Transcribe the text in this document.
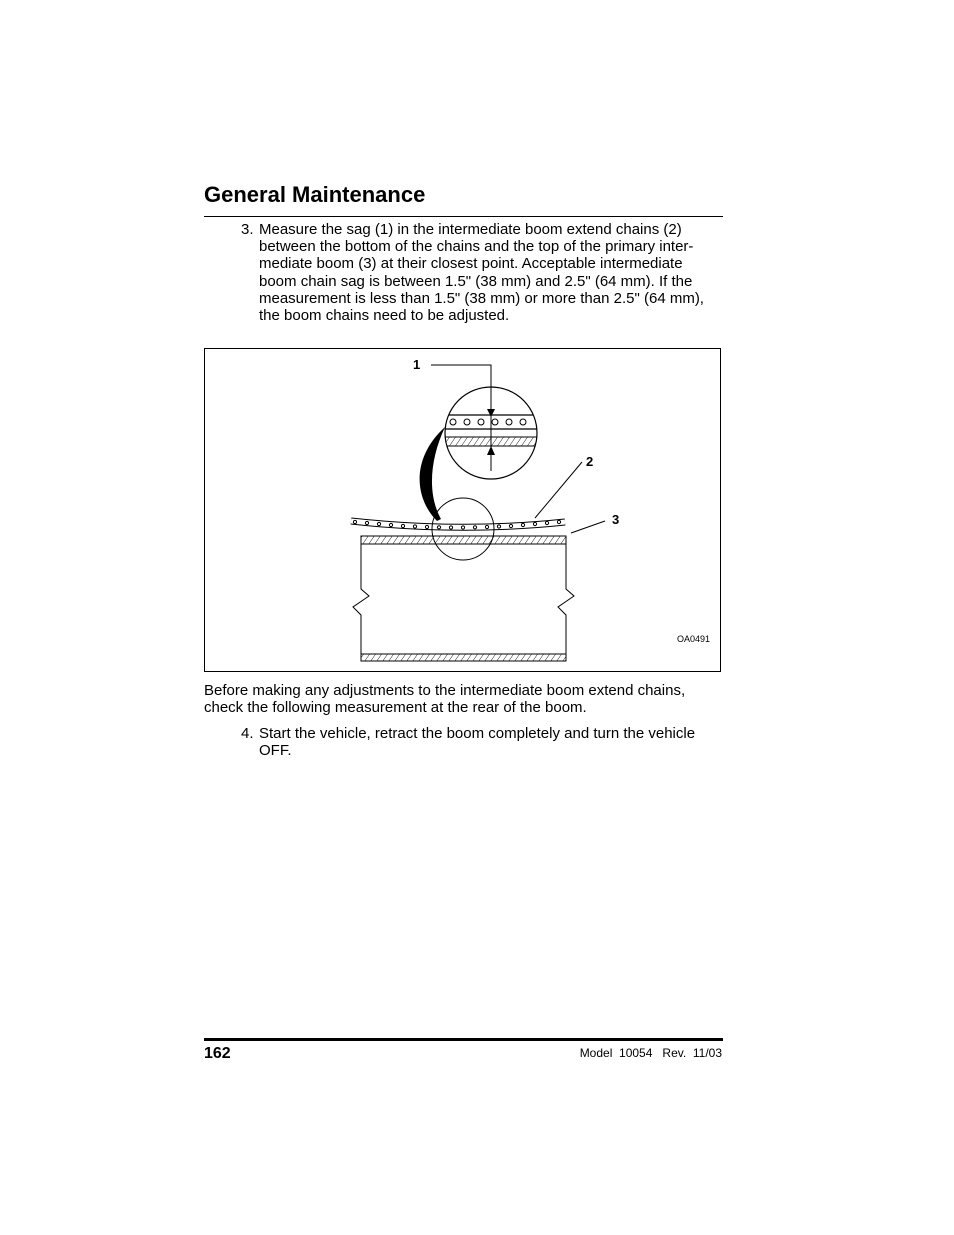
General Maintenance
3. Measure the sag (1) in the intermediate boom extend chains (2) between the bottom of the chains and the top of the primary inter-mediate boom (3) at their closest point. Acceptable intermediate boom chain sag is between 1.5" (38 mm) and 2.5" (64 mm). If the measurement is less than 1.5" (38 mm) or more than 2.5" (64 mm), the boom chains need to be adjusted.
1
2
3
OA0491
Before making any adjustments to the intermediate boom extend chains, check the following measurement at the rear of the boom.
4. Start the vehicle, retract the boom completely and turn the vehicle OFF.
162	Model  10054   Rev.  11/03
